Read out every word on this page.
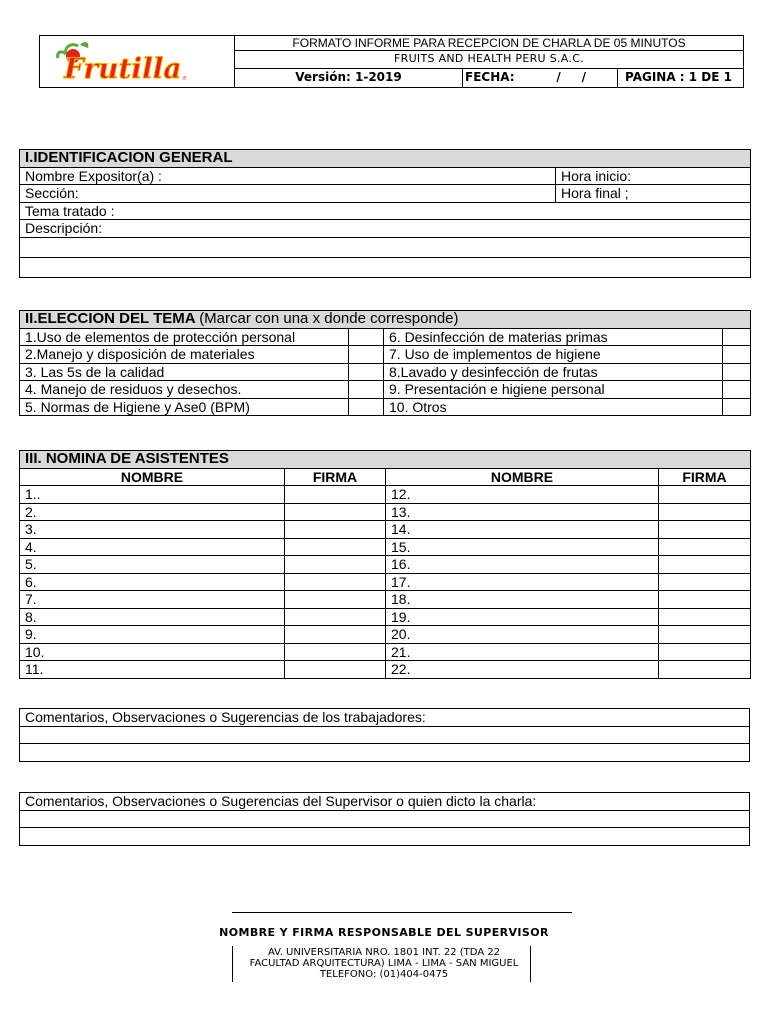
Frutilla ®
FORMATO INFORME PARA RECEPCION DE CHARLA DE 05 MINUTOS
FRUITS AND HEALTH PERU S.A.C.
Versión: 1-2019	FECHA:          /     /	PAGINA : 1 DE 1
I.IDENTIFICACION GENERAL	
Nombre Expositor(a) :	Hora inicio:
Sección:	Hora final ;
Tema tratado :	
Descripción:	

II.ELECCION DEL TEMA (Marcar con una x donde corresponde)			
1.Uso de elementos de protección personal		6. Desinfección de materias primas	
2.Manejo y disposición de materiales		7. Uso de implementos de higiene	
3. Las 5s de la calidad		8.Lavado y desinfección de frutas	
4. Manejo de residuos y desechos.		9. Presentación e higiene personal	
5. Normas de Higiene y Ase0 (BPM)		10. Otros	
III. NOMINA DE ASISTENTES			
NOMBRE	FIRMA	NOMBRE	FIRMA
1..		12.	
2.		13.	
3.		14.	
4.		15.	
5.		16.	
6.		17.	
7.		18.	
8.		19.	
9.		20.	
10.		21.	
11.		22.	
Comentarios, Observaciones o Sugerencias de los trabajadores:

Comentarios, Observaciones o Sugerencias del Supervisor o quien dicto la charla:

NOMBRE Y FIRMA RESPONSABLE DEL SUPERVISOR
AV. UNIVERSITARIA NRO. 1801 INT. 22 (TDA 22
FACULTAD ARQUITECTURA) LIMA - LIMA - SAN MIGUEL
TELEFONO: (01)404-0475
